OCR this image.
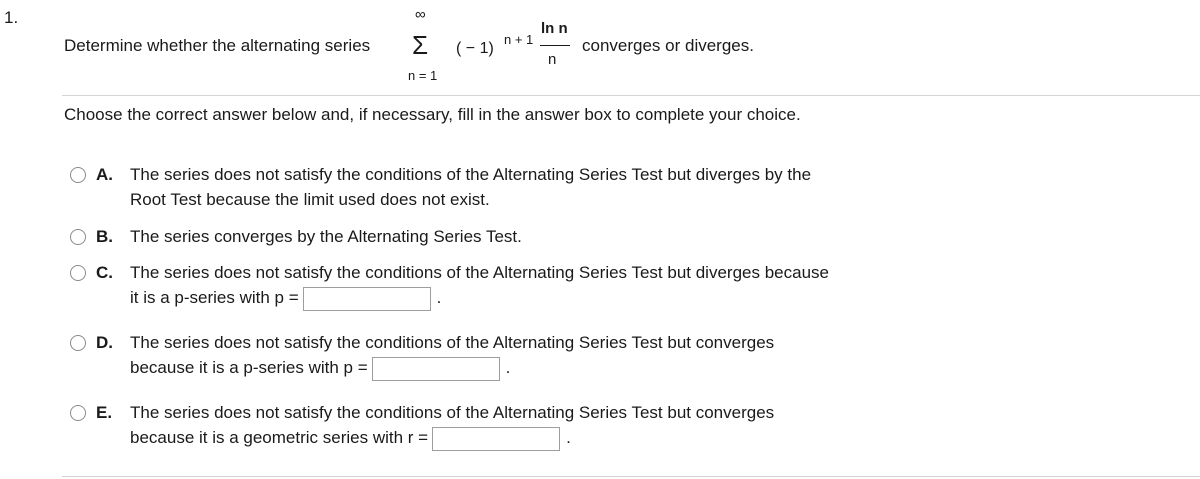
1.
Determine whether the alternating series
∞
Σ
n = 1
( − 1)
n + 1
ln n
n
converges or diverges.
Choose the correct answer below and, if necessary, fill in the answer box to complete your choice.
A. The series does not satisfy the conditions of the Alternating Series Test but diverges by the
Root Test because the limit used does not exist.
B. The series converges by the Alternating Series Test.
C. The series does not satisfy the conditions of the Alternating Series Test but diverges because
it is a p-series with p =	.
D. The series does not satisfy the conditions of the Alternating Series Test but converges
because it is a p-series with p =	.
E. The series does not satisfy the conditions of the Alternating Series Test but converges
because it is a geometric series with r =	.
